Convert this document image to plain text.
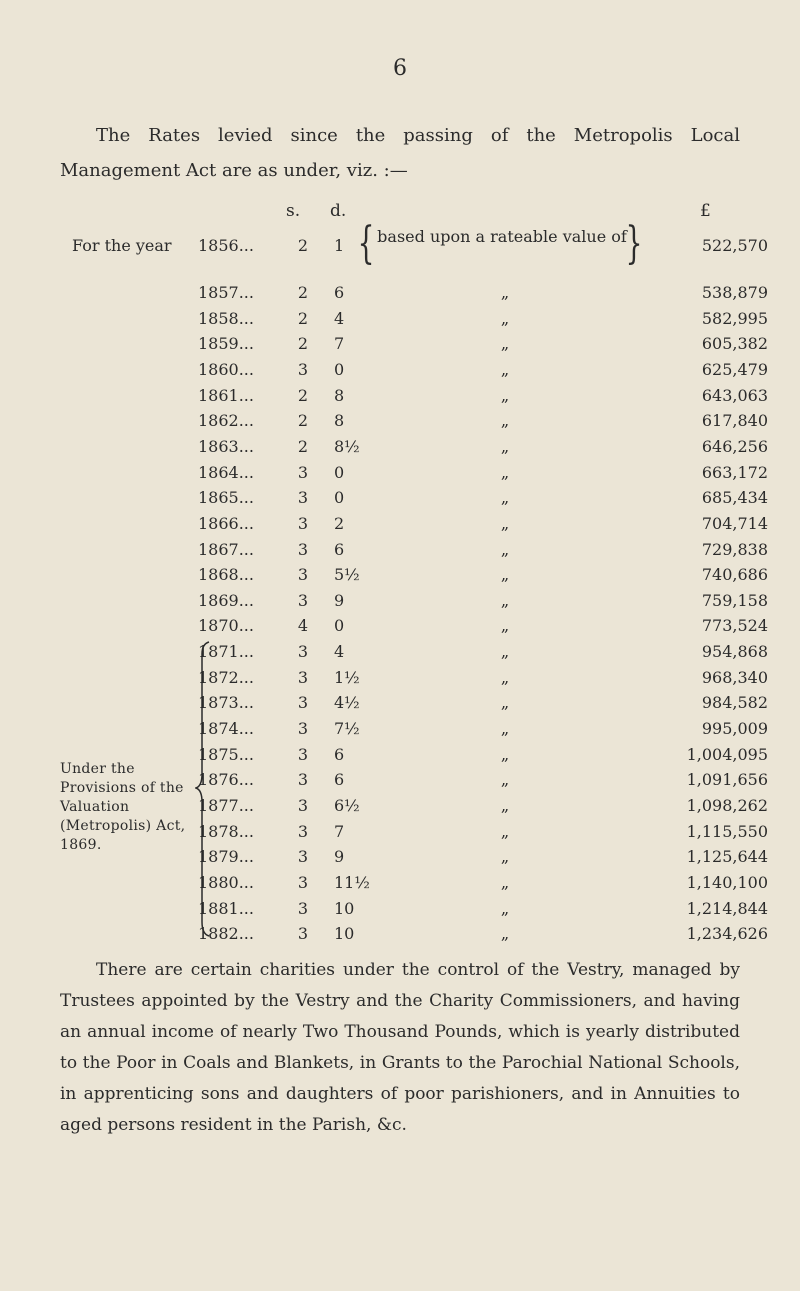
6
The Rates levied since the passing of the Metropolis Local Management Act are as under, viz. :—
s. d.	£
For the year	{ based upon a rateable value of
}
1856...	2	1	522,570
1857...	2	6	„	538,879
1858...	2	4	„	582,995
1859...	2	7	„	605,382
1860...	3	0	„	625,479
1861...	2	8	„	643,063
1862...	2	8	„	617,840
1863...	2	8½	„	646,256
1864...	3	0	„	663,172
1865...	3	0	„	685,434
1866...	3	2	„	704,714
1867...	3	6	„	729,838
1868...	3	5½	„	740,686
1869...	3	9	„	759,158
1870...	4	0	„	773,524
1871...	3	4	„	954,868
1872...	3	1½	„	968,340
1873...	3	4½	„	984,582
1874...	3	7½	„	995,009
1875...	3	6	„	1,004,095
1876...	3	6	„	1,091,656
1877...	3	6½	„	1,098,262
1878...	3	7	„	1,115,550
1879...	3	9	„	1,125,644
1880...	3	11½	„	1,140,100
1881...	3	10	„	1,214,844
1882...	3	10	„	1,234,626
Under the Provisions of the Valuation (Metropolis) Act, 1869.
There are certain charities under the control of the Vestry, managed by Trustees appointed by the Vestry and the Charity Commissioners, and having an annual income of nearly Two Thousand Pounds, which is yearly distributed to the Poor in Coals and Blankets, in Grants to the Parochial National Schools, in apprenticing sons and daughters of poor parishioners, and in Annuities to aged persons resident in the Parish, &c.
